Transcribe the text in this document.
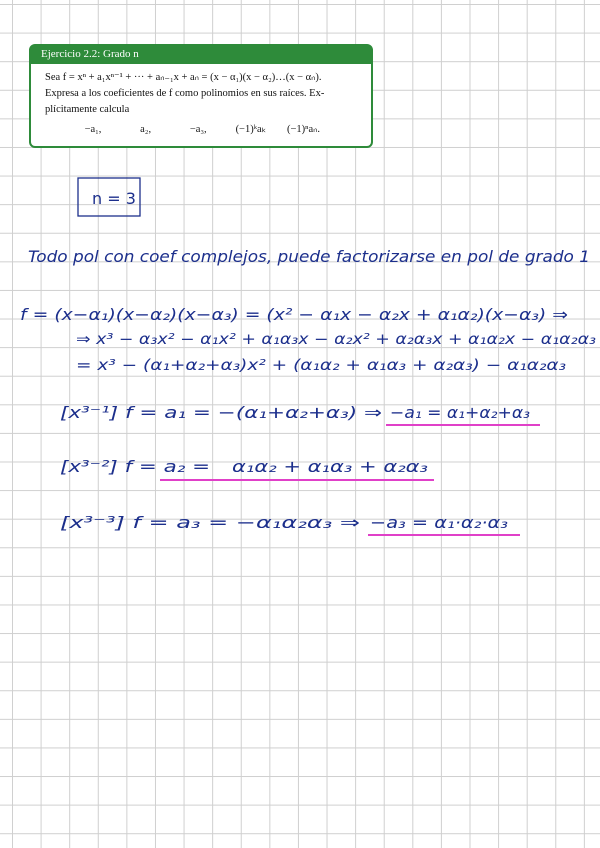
Ejercicio 2.2: Grado n
Sea f = xⁿ + a₁xⁿ⁻¹ + ··· + aₙ₋₁x + aₙ = (x − α₁)(x − α₂)…(x − αₙ).
Expresa a los coeficientes de f como polinomios en sus raíces. Ex-
plícitamente calcula
−a₁,	a₂,	−a₃,	(−1)ᵏaₖ (−1)ⁿaₙ.
n = 3
Todo pol con coef complejos, puede factorizarse en pol de grado 1
f = (x−α₁)(x−α₂)(x−α₃) = (x² − α₁x − α₂x + α₁α₂)(x−α₃) ⇒
⇒ x³ − α₃x² − α₁x² + α₁α₃x − α₂x² + α₂α₃x + α₁α₂x − α₁α₂α₃
= x³ − (α₁+α₂+α₃)x² + (α₁α₂ + α₁α₃ + α₂α₃) − α₁α₂α₃
[x³⁻¹] f = a₁ = −(α₁+α₂+α₃) ⇒ −a₁ = α₁+α₂+α₃
[x³⁻²] f = a₂ = α₁α₂ + α₁α₃ + α₂α₃
[x³⁻³] f = a₃ = −α₁α₂α₃ ⇒ −a₃ = α₁·α₂·α₃
